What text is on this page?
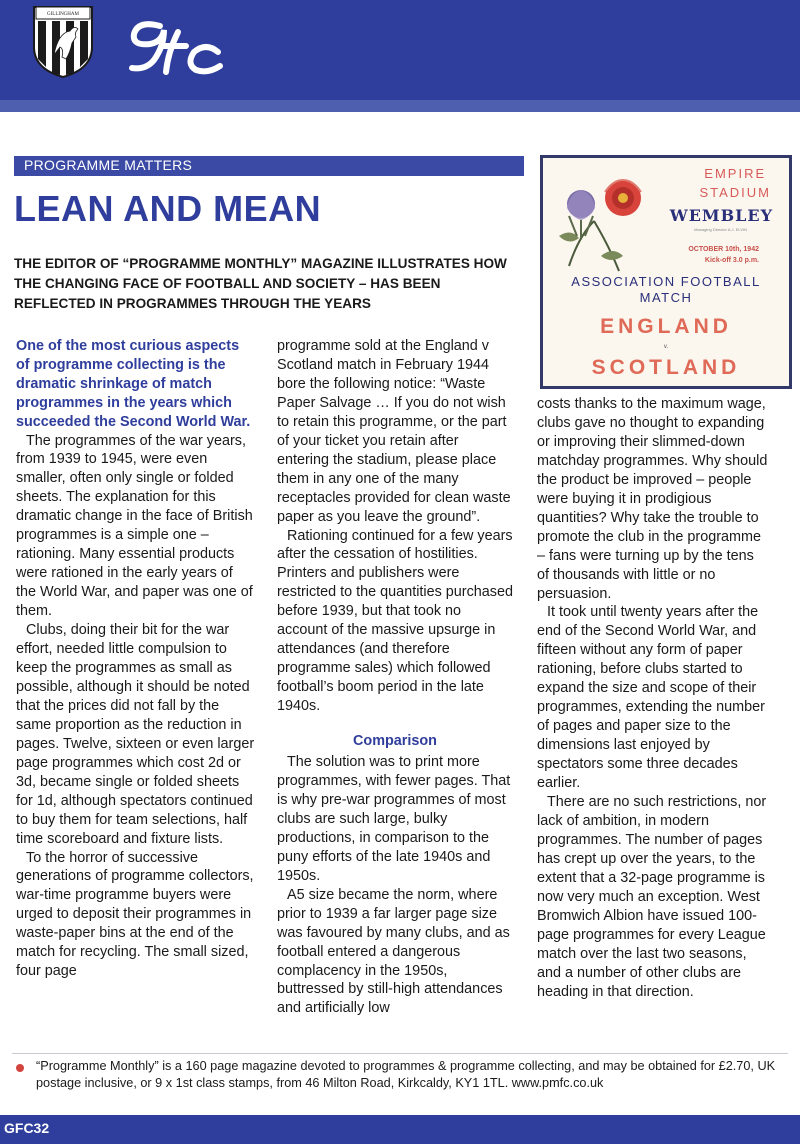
GILLINGHAM
PROGRAMME MATTERS
LEAN AND MEAN

THE EDITOR OF “PROGRAMME MONTHLY” MAGAZINE ILLUSTRATES HOW THE CHANGING FACE OF FOOTBALL AND SOCIETY – HAS BEEN REFLECTED IN PROGRAMMES THROUGH THE YEARS

One of the most curious aspects of programme collecting is the dramatic shrinkage of match programmes in the years which succeeded the Second World War.

The programmes of the war years, from 1939 to 1945, were even smaller, often only single or folded sheets. The explanation for this dramatic change in the face of British programmes is a simple one –rationing. Many essential products were rationed in the early years of the World War, and paper was one of them.

Clubs, doing their bit for the war effort, needed little compulsion to keep the programmes as small as possible, although it should be noted that the prices did not fall by the same proportion as the reduction in pages. Twelve, sixteen or even larger page programmes which cost 2d or 3d, became single or folded sheets for 1d, although spectators continued to buy them for team selections, half time scoreboard and fixture lists.

To the horror of successive generations of programme collectors, war-time programme buyers were urged to deposit their programmes in waste-paper bins at the end of the match for recycling. The small sized, four page

programme sold at the England v Scotland match in February 1944 bore the following notice: “Waste Paper Salvage … If you do not wish to retain this programme, or the part of your ticket you retain after entering the stadium, please place them in any one of the many receptacles provided for clean waste paper as you leave the ground”.

Rationing continued for a few years after the cessation of hostilities. Printers and publishers were restricted to the quantities purchased before 1939, but that took no account of the massive upsurge in attendances (and therefore programme sales) which followed football’s boom period in the late 1940s.

Comparison

The solution was to print more programmes, with fewer pages. That is why pre-war programmes of most clubs are such large, bulky productions, in comparison to the puny efforts of the late 1940s and 1950s.

A5 size became the norm, where prior to 1939 a far larger page size was favoured by many clubs, and as football entered a dangerous complacency in the 1950s, buttressed by still-high attendances and artificially low

costs thanks to the maximum wage, clubs gave no thought to expanding or improving their slimmed-down matchday programmes. Why should the product be improved – people were buying it in prodigious quantities? Why take the trouble to promote the club in the programme – fans were turning up by the tens of thousands with little or no persuasion.

It took until twenty years after the end of the Second World War, and fifteen without any form of paper rationing, before clubs started to expand the size and scope of their programmes, extending the number of pages and paper size to the dimensions last enjoyed by spectators some three decades earlier.

There are no such restrictions, nor lack of ambition, in modern programmes. The number of pages has crept up over the years, to the extent that a 32-page programme is now very much an exception. West Bromwich Albion have issued 100-page programmes for every League match over the last two seasons, and a number of other clubs are heading in that direction.

EMPIRE
STADIUM
WEMBLEY
Managing Director A.J. ELVIN
OCTOBER 10th, 1942
Kick-off 3.0 p.m.
ASSOCIATION FOOTBALL MATCH
ENGLAND
v.
SCOTLAND

“Programme Monthly” is a 160 page magazine devoted to programmes & programme collecting, and may be obtained for £2.70, UK postage inclusive, or 9 x 1st class stamps, from 46 Milton Road, Kirkcaldy, KY1 1TL. www.pmfc.co.uk

GFC32
